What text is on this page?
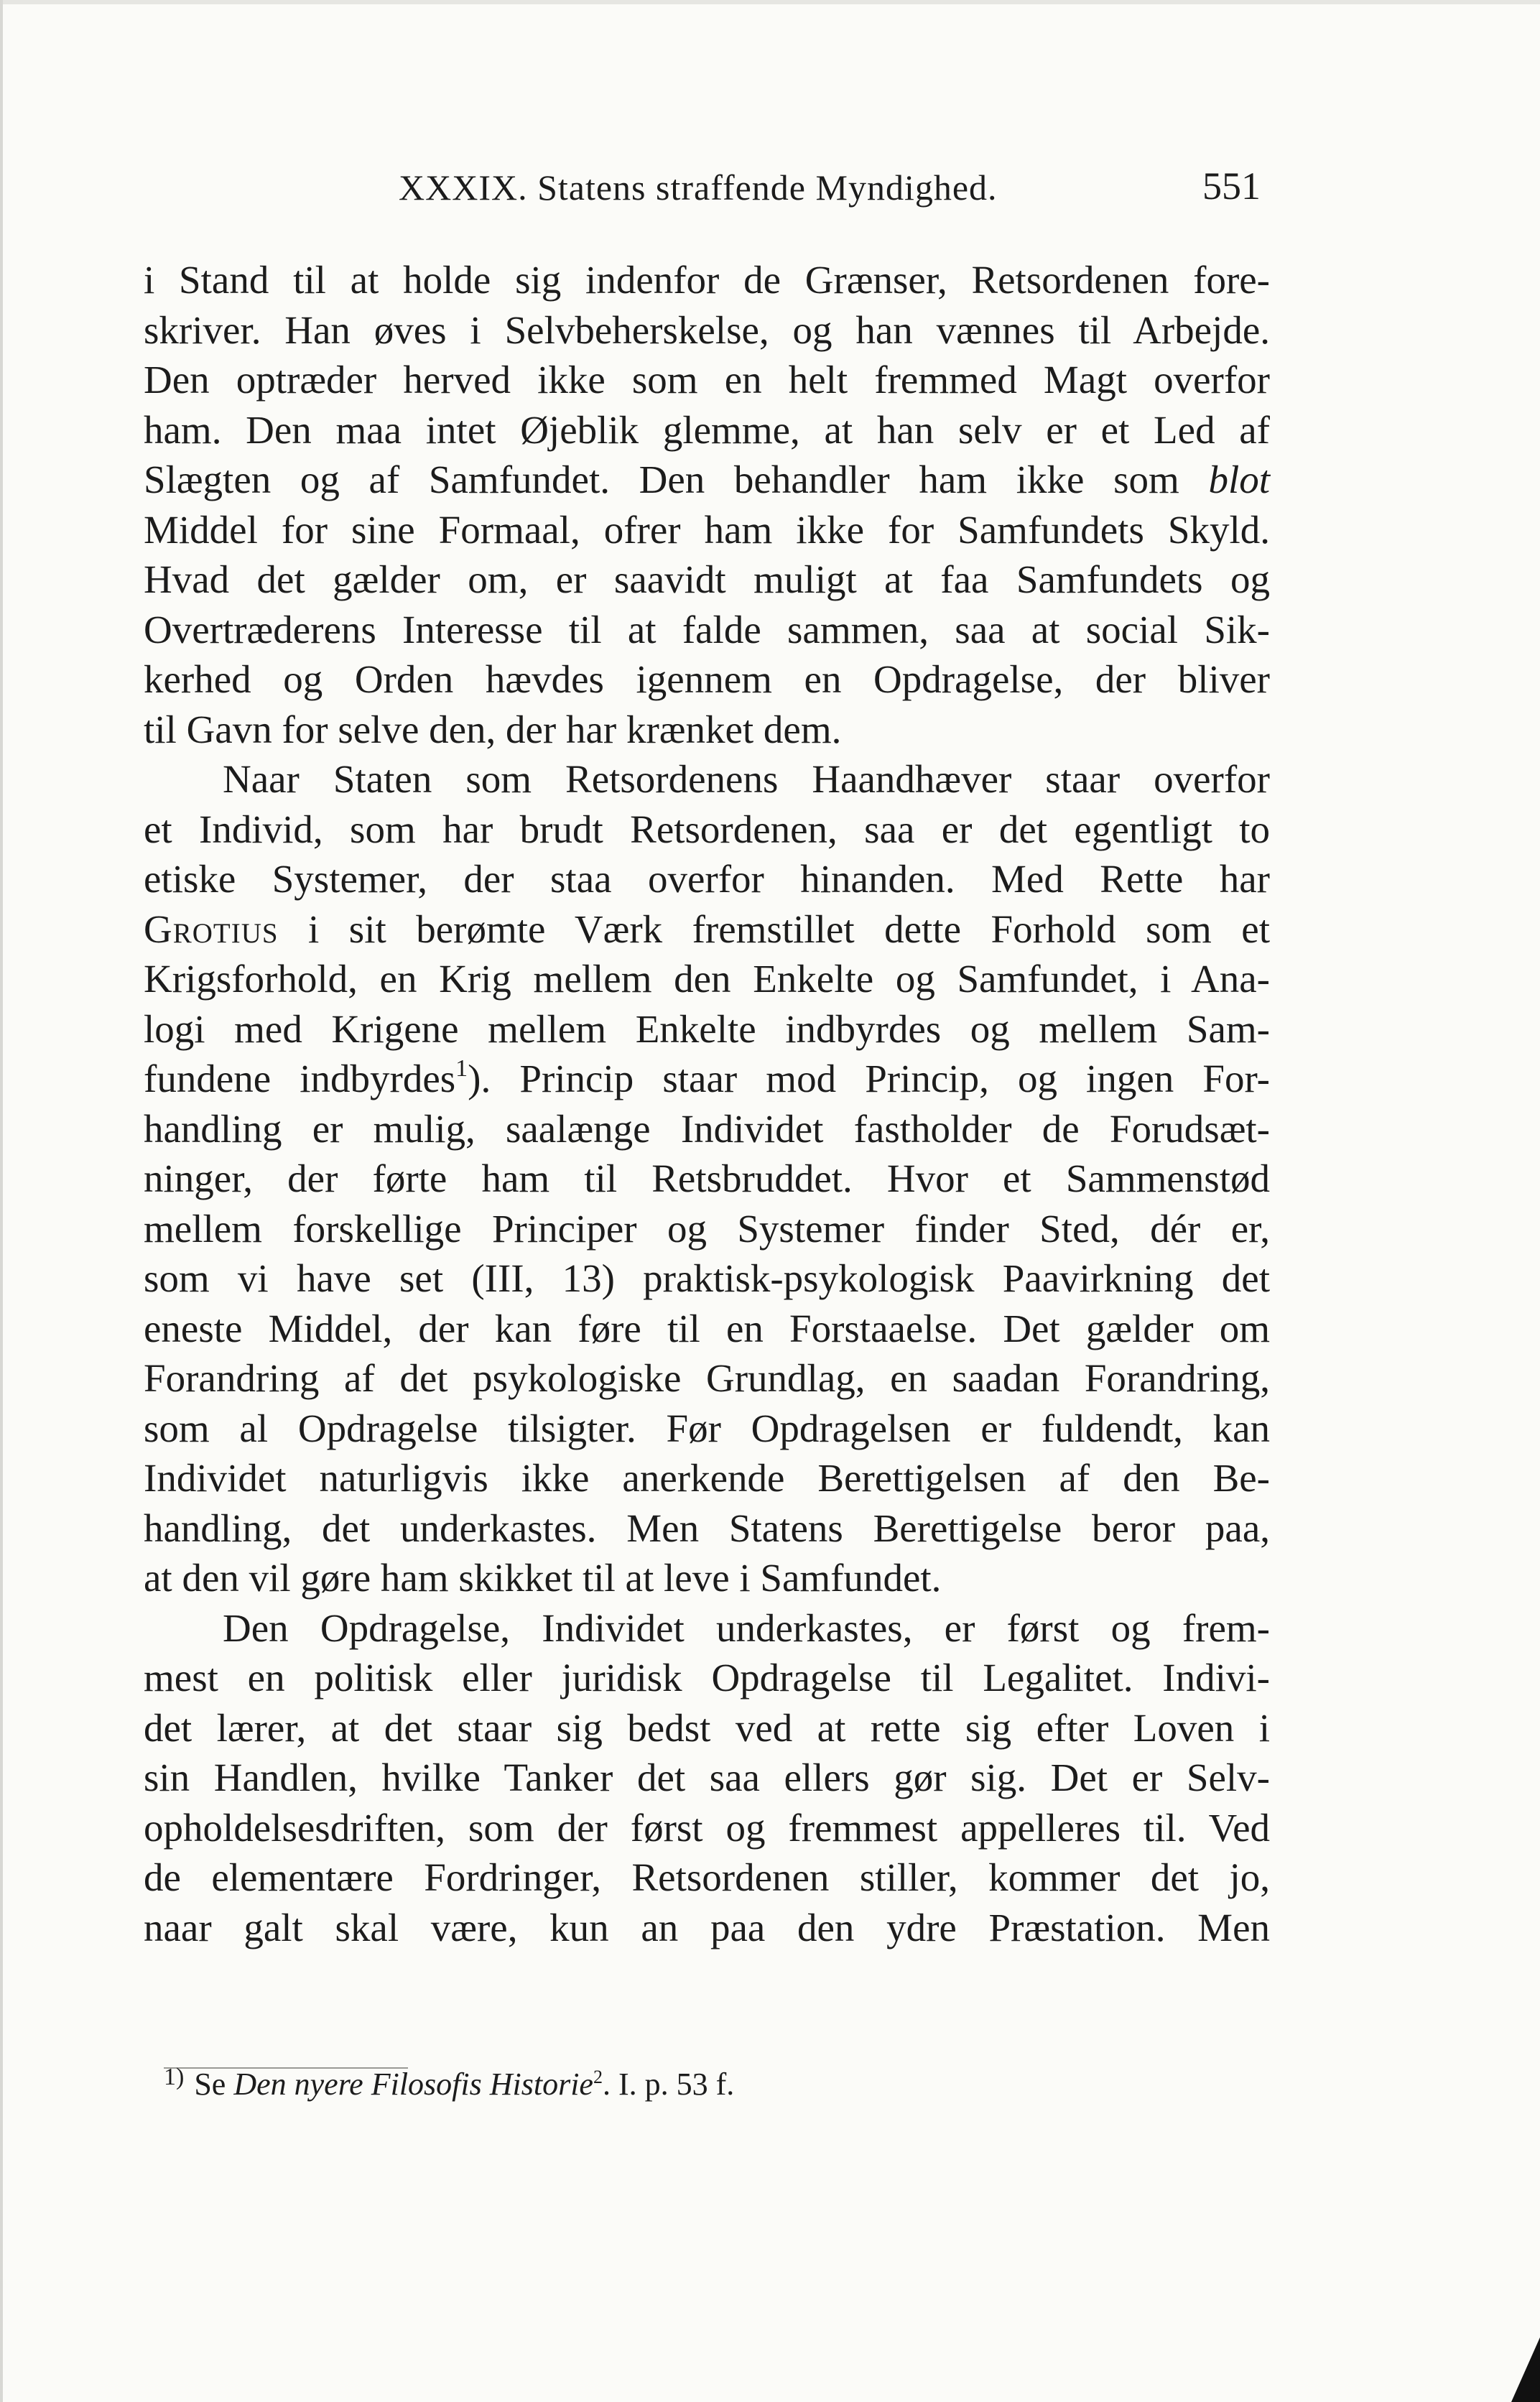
XXXIX. Statens straffende Myndighed.	551
i Stand til at holde sig indenfor de Grænser, Retsordenen fore-
skriver. Han øves i Selvbeherskelse, og han vænnes til Arbejde.
Den optræder herved ikke som en helt fremmed Magt overfor
ham. Den maa intet Øjeblik glemme, at han selv er et Led af
Slægten og af Samfundet. Den behandler ham ikke som blot
Middel for sine Formaal, ofrer ham ikke for Samfundets Skyld.
Hvad det gælder om, er saavidt muligt at faa Samfundets og
Overtræderens Interesse til at falde sammen, saa at social Sik-
kerhed og Orden hævdes igennem en Opdragelse, der bliver
til Gavn for selve den, der har krænket dem.
Naar Staten som Retsordenens Haandhæver staar overfor
et Individ, som har brudt Retsordenen, saa er det egentligt to
etiske Systemer, der staa overfor hinanden. Med Rette har
Grotius i sit berømte Værk fremstillet dette Forhold som et
Krigsforhold, en Krig mellem den Enkelte og Samfundet, i Ana-
logi med Krigene mellem Enkelte indbyrdes og mellem Sam-
fundene indbyrdes$^1$). Princip staar mod Princip, og ingen For-
handling er mulig, saalænge Individet fastholder de Forudsæt-
ninger, der førte ham til Retsbruddet. Hvor et Sammenstød
mellem forskellige Principer og Systemer finder Sted, dér er,
som vi have set (III, 13) praktisk-psykologisk Paavirkning det
eneste Middel, der kan føre til en Forstaaelse. Det gælder om
Forandring af det psykologiske Grundlag, en saadan Forandring,
som al Opdragelse tilsigter. Før Opdragelsen er fuldendt, kan
Individet naturligvis ikke anerkende Berettigelsen af den Be-
handling, det underkastes. Men Statens Berettigelse beror paa,
at den vil gøre ham skikket til at leve i Samfundet.
Den Opdragelse, Individet underkastes, er først og frem-
mest en politisk eller juridisk Opdragelse til Legalitet. Indivi-
det lærer, at det staar sig bedst ved at rette sig efter Loven i
sin Handlen, hvilke Tanker det saa ellers gør sig. Det er Selv-
opholdelsesdriften, som der først og fremmest appelleres til. Ved
de elementære Fordringer, Retsordenen stiller, kommer det jo,
naar galt skal være, kun an paa den ydre Præstation. Men
$^{1)}$ Se Den nyere Filosofis Historie$^2$. I. p. 53 f.
